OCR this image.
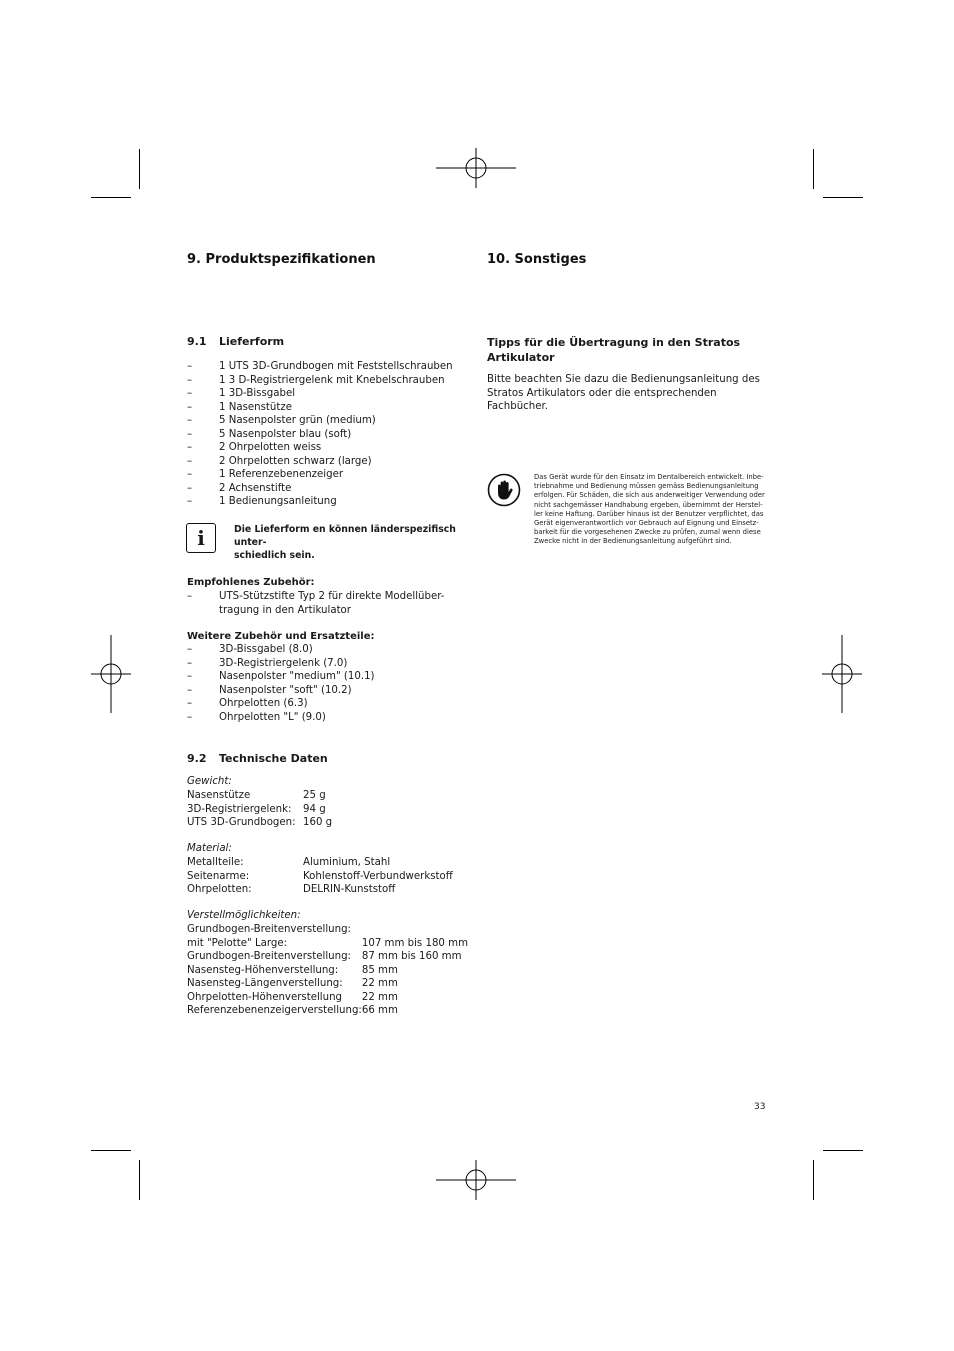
9. Produktspezifikationen

9.1 Lieferform

– 1 UTS 3D-Grundbogen mit Feststellschrauben
– 1 3 D-Registriergelenk mit Knebelschrauben
– 1 3D-Bissgabel
– 1 Nasenstütze
– 5 Nasenpolster grün (medium)
– 5 Nasenpolster blau (soft)
– 2 Ohrpelotten weiss
– 2 Ohrpelotten schwarz (large)
– 1 Referenzebenenzeiger
– 2 Achsenstifte
– 1 Bedienungsanleitung
i	Die Lieferform en können länderspezifisch unter-
schiedlich sein.

Empfohlenes Zubehör:

– UTS-Stützstifte Typ 2 für direkte Modellüber-
tragung in den Artikulator

Weitere Zubehör und Ersatzteile:

– 3D-Bissgabel (8.0)
– 3D-Registriergelenk (7.0)
– Nasenpolster "medium" (10.1)
– Nasenpolster "soft" (10.2)
– Ohrpelotten (6.3)
– Ohrpelotten "L" (9.0)

9.2 Technische Daten

Gewicht:

Nasenstütze	25 g
3D-Registriergelenk:	94 g
UTS 3D-Grundbogen:	160 g

Material:

Metallteile:	Aluminium, Stahl
Seitenarme:	Kohlenstoff-Verbundwerkstoff
Ohrpelotten:	DELRIN-Kunststoff

Verstellmöglichkeiten:

Grundbogen-Breitenverstellung:	
mit "Pelotte" Large:	107 mm bis 180 mm
Grundbogen-Breitenverstellung:	87 mm bis 160 mm
Nasensteg-Höhenverstellung:	85 mm
Nasensteg-Längenverstellung:	22 mm
Ohrpelotten-Höhenverstellung	22 mm
Referenzebenenzeigerverstellung:	66 mm
10. Sonstiges

Tipps für die Übertragung in den Stratos
Artikulator

Bitte beachten Sie dazu die Bedienungsanleitung des
Stratos Artikulators oder die entsprechenden Fachbücher.

Das Gerät wurde für den Einsatz im Dentalbereich entwickelt. Inbe-
triebnahme und Bedienung müssen gemäss Bedienungsanleitung
erfolgen. Für Schäden, die sich aus anderweitiger Verwendung oder
nicht sachgemässer Handhabung ergeben, übernimmt der Herstel-
ler keine Haftung. Darüber hinaus ist der Benutzer verpflichtet, das
Gerät eigenverantwortlich vor Gebrauch auf Eignung und Einsetz-
barkeit für die vorgesehenen Zwecke zu prüfen, zumal wenn diese
Zwecke nicht in der Bedienungsanleitung aufgeführt sind.

33
